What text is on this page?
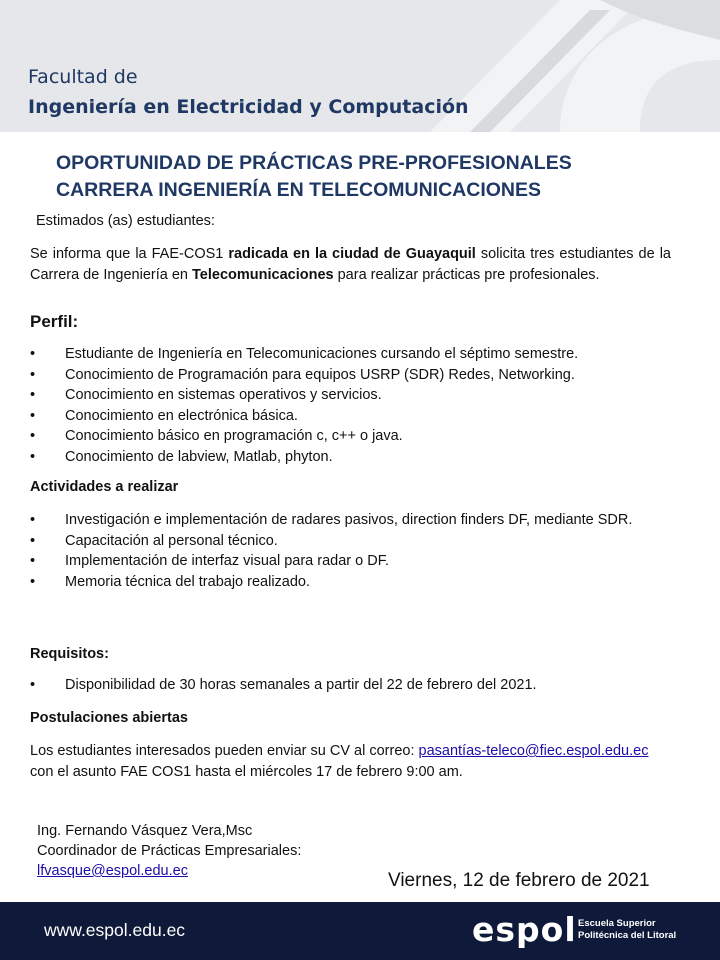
Facultad de
Ingeniería en Electricidad y Computación
OPORTUNIDAD DE PRÁCTICAS PRE-PROFESIONALES
CARRERA INGENIERÍA EN TELECOMUNICACIONES
Estimados (as) estudiantes:
Se informa que la FAE-COS1 radicada en la ciudad de Guayaquil solicita tres estudiantes de la Carrera de Ingeniería en Telecomunicaciones para realizar prácticas pre profesionales.
Perfil:
•	Estudiante de Ingeniería en Telecomunicaciones cursando el séptimo semestre.
•	Conocimiento de Programación para equipos USRP (SDR) Redes, Networking.
•	Conocimiento en sistemas operativos y servicios.
•	Conocimiento en electrónica básica.
•	Conocimiento básico en programación c, c++ o java.
•	Conocimiento de labview, Matlab, phyton.
Actividades a realizar
•	Investigación e implementación de radares pasivos, direction finders DF, mediante SDR.
•	Capacitación al personal técnico.
•	Implementación de interfaz visual para radar o DF.
•	Memoria técnica del trabajo realizado.
Requisitos:
•	Disponibilidad de 30 horas semanales a partir del 22 de febrero del 2021.
Postulaciones abiertas
Los estudiantes interesados pueden enviar su CV al correo: pasantías-teleco@fiec.espol.edu.ec con el asunto FAE COS1 hasta el miércoles 17 de febrero 9:00 am.
Ing. Fernando Vásquez Vera,Msc
Coordinador de Prácticas Empresariales:
lfvasque@espol.edu.ec	Viernes, 12 de febrero de 2021
www.espol.edu.ec	espol Escuela Superior
Politécnica del Litoral
